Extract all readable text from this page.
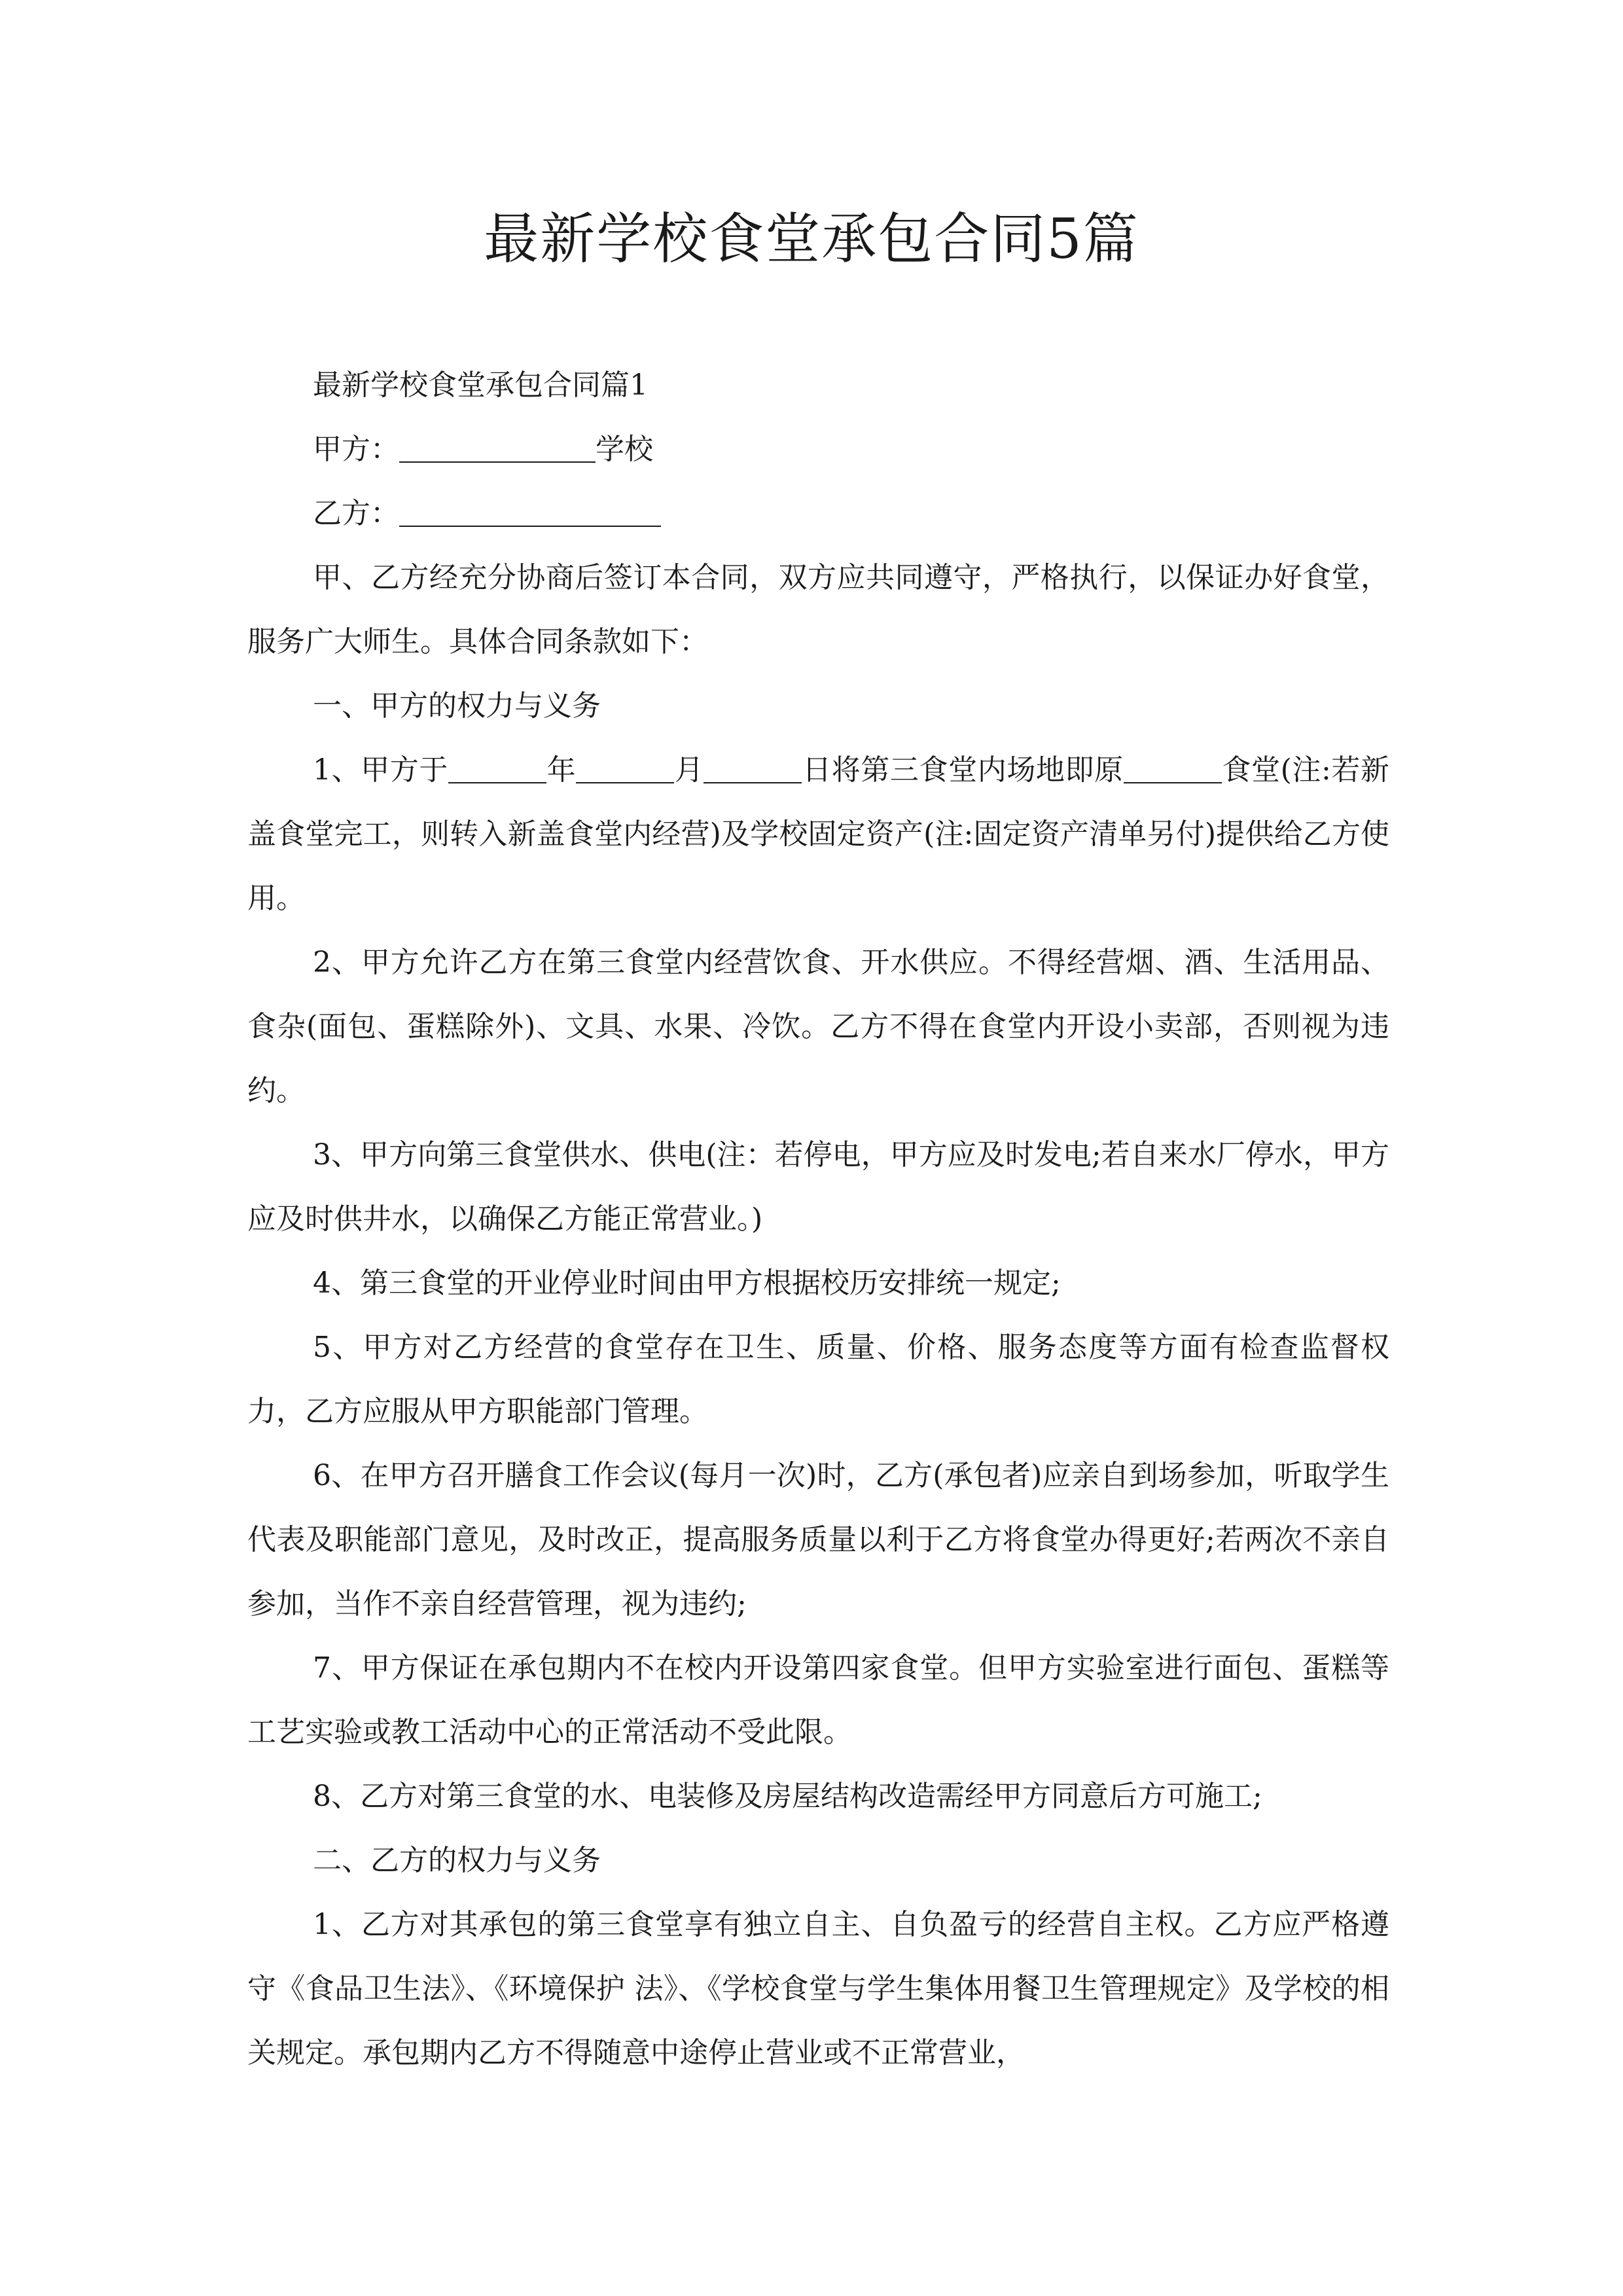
最新学校食堂承包合同5篇

最新学校食堂承包合同篇1

甲方：	学校

乙方：

甲、乙方经充分协商后签订本合同，双方应共同遵守，严格执行，以保证办好食堂，服务广大师生。具体合同条款如下：

一、甲方的权力与义务

1、甲方于	年	月	日将第三食堂内场地即原	食堂(注:若新盖食堂完工，则转入新盖食堂内经营)及学校固定资产(注:固定资产清单另付)提供给乙方使用。

2、甲方允许乙方在第三食堂内经营饮食、开水供应。不得经营烟、酒、生活用品、食杂(面包、蛋糕除外)、文具、水果、冷饮。乙方不得在食堂内开设小卖部，否则视为违约。

3、甲方向第三食堂供水、供电(注：若停电，甲方应及时发电;若自来水厂停水，甲方应及时供井水，以确保乙方能正常营业。)

4、第三食堂的开业停业时间由甲方根据校历安排统一规定;

5、甲方对乙方经营的食堂存在卫生、质量、价格、服务态度等方面有检查监督权力，乙方应服从甲方职能部门管理。

6、在甲方召开膳食工作会议(每月一次)时，乙方(承包者)应亲自到场参加，听取学生代表及职能部门意见，及时改正，提高服务质量以利于乙方将食堂办得更好;若两次不亲自参加，当作不亲自经营管理，视为违约;

7、甲方保证在承包期内不在校内开设第四家食堂。但甲方实验室进行面包、蛋糕等工艺实验或教工活动中心的正常活动不受此限。

8、乙方对第三食堂的水、电装修及房屋结构改造需经甲方同意后方可施工;

二、乙方的权力与义务

1、乙方对其承包的第三食堂享有独立自主、自负盈亏的经营自主权。乙方应严格遵守《食品卫生法》、《环境保护 法》、《学校食堂与学生集体用餐卫生管理规定》及学校的相关规定。承包期内乙方不得随意中途停止营业或不正常营业，
